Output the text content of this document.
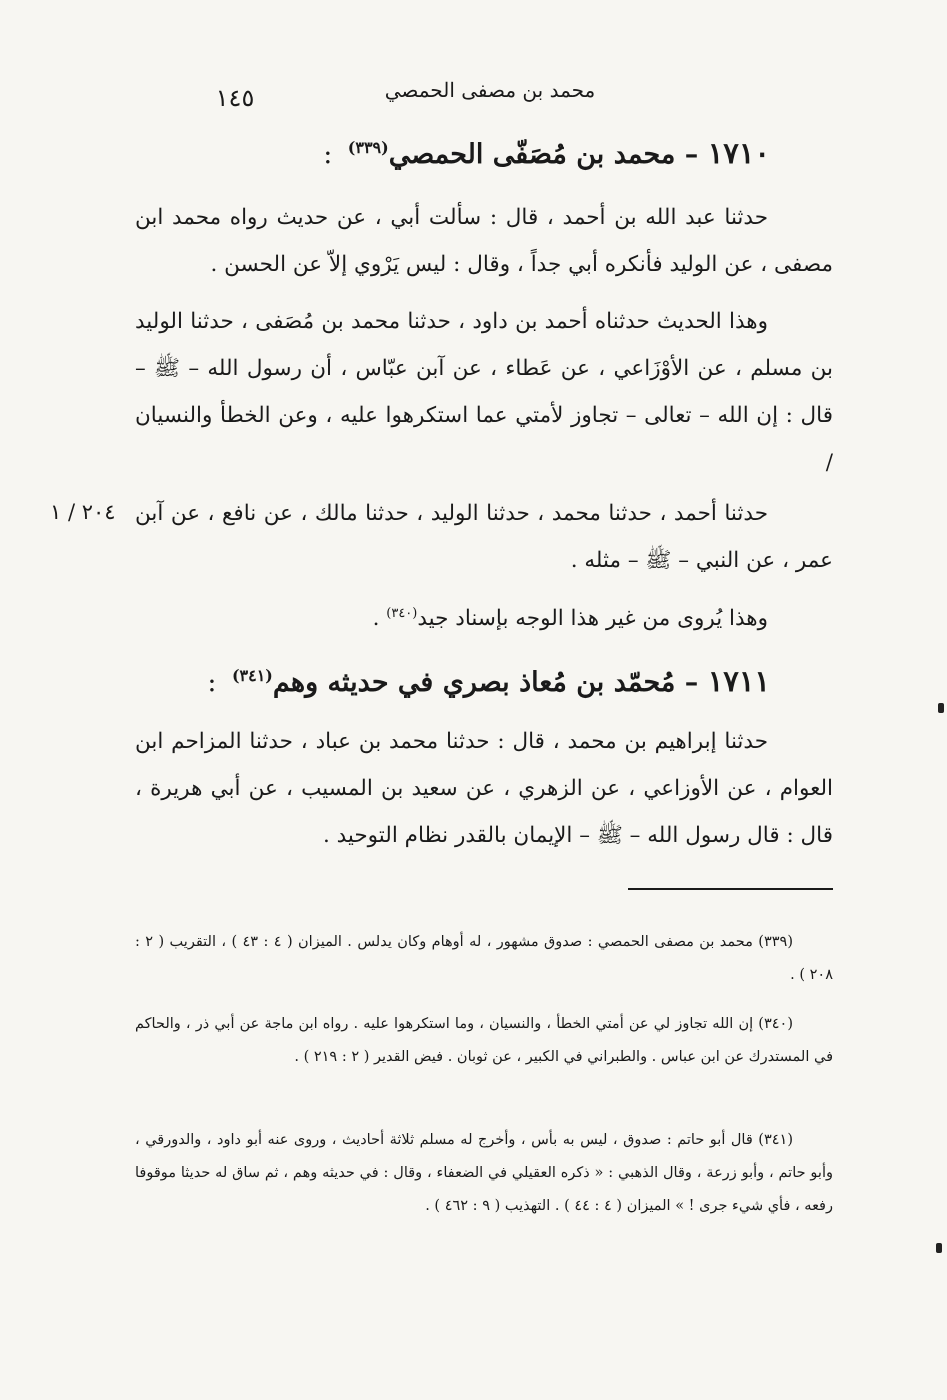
محمد بن مصفى الحمصي
١٤٥
١٧١٠ – محمد بن مُصَفّى الحمصي$^{(٣٣٩)}$ :
حدثنا عبد الله بن أحمد ، قال : سألت أبي ، عن حديث رواه محمد ابن مصفى ، عن الوليد فأنكره أبي جداً ، وقال : ليس يَرْوي إلاّ عن الحسن .
وهذا الحديث حدثناه أحمد بن داود ، حدثنا محمد بن مُصَفى ، حدثنا الوليد بن مسلم ، عن الأوْزَاعي ، عن عَطاء ، عن آبن عبّاس ، أن رسول الله – ﷺ – قال : إن الله – تعالى – تجاوز لأمتي عما استكرهوا عليه ، وعن الخطأ والنسيان /
حدثنا أحمد ، حدثنا محمد ، حدثنا الوليد ، حدثنا مالك ، عن نافع ، عن آبن عمر ، عن النبي – ﷺ – مثله .
وهذا يُروى من غير هذا الوجه بإسناد جيد$^{(٣٤٠)}$ .
٢٠٤ / ١
١٧١١ – مُحمّد بن مُعاذ بصري في حديثه وهم$^{(٣٤١)}$ :
حدثنا إبراهيم بن محمد ، قال : حدثنا محمد بن عباد ، حدثنا المزاحم ابن العوام ، عن الأوزاعي ، عن الزهري ، عن سعيد بن المسيب ، عن أبي هريرة ، قال : قال رسول الله – ﷺ – الإيمان بالقدر نظام التوحيد .
(٣٣٩) محمد بن مصفى الحمصي : صدوق مشهور ، له أوهام وكان يدلس . الميزان ( ٤ : ٤٣ ) ، التقريب ( ٢ : ٢٠٨ ) .
(٣٤٠) إن الله تجاوز لي عن أمتي الخطأ ، والنسيان ، وما استكرهوا عليه . رواه ابن ماجة عن أبي ذر ، والحاكم في المستدرك عن ابن عباس . والطبراني في الكبير ، عن ثوبان . فيض القدير ( ٢ : ٢١٩ ) .
(٣٤١) قال أبو حاتم : صدوق ، ليس به بأس ، وأخرج له مسلم ثلاثة أحاديث ، وروى عنه أبو داود ، والدورقي ، وأبو حاتم ، وأبو زرعة ، وقال الذهبي : « ذكره العقيلي في الضعفاء ، وقال : في حديثه وهم ، ثم ساق له حديثا موقوفا رفعه ، فأي شيء جرى ! » الميزان ( ٤ : ٤٤ ) . التهذيب ( ٩ : ٤٦٢ ) .
